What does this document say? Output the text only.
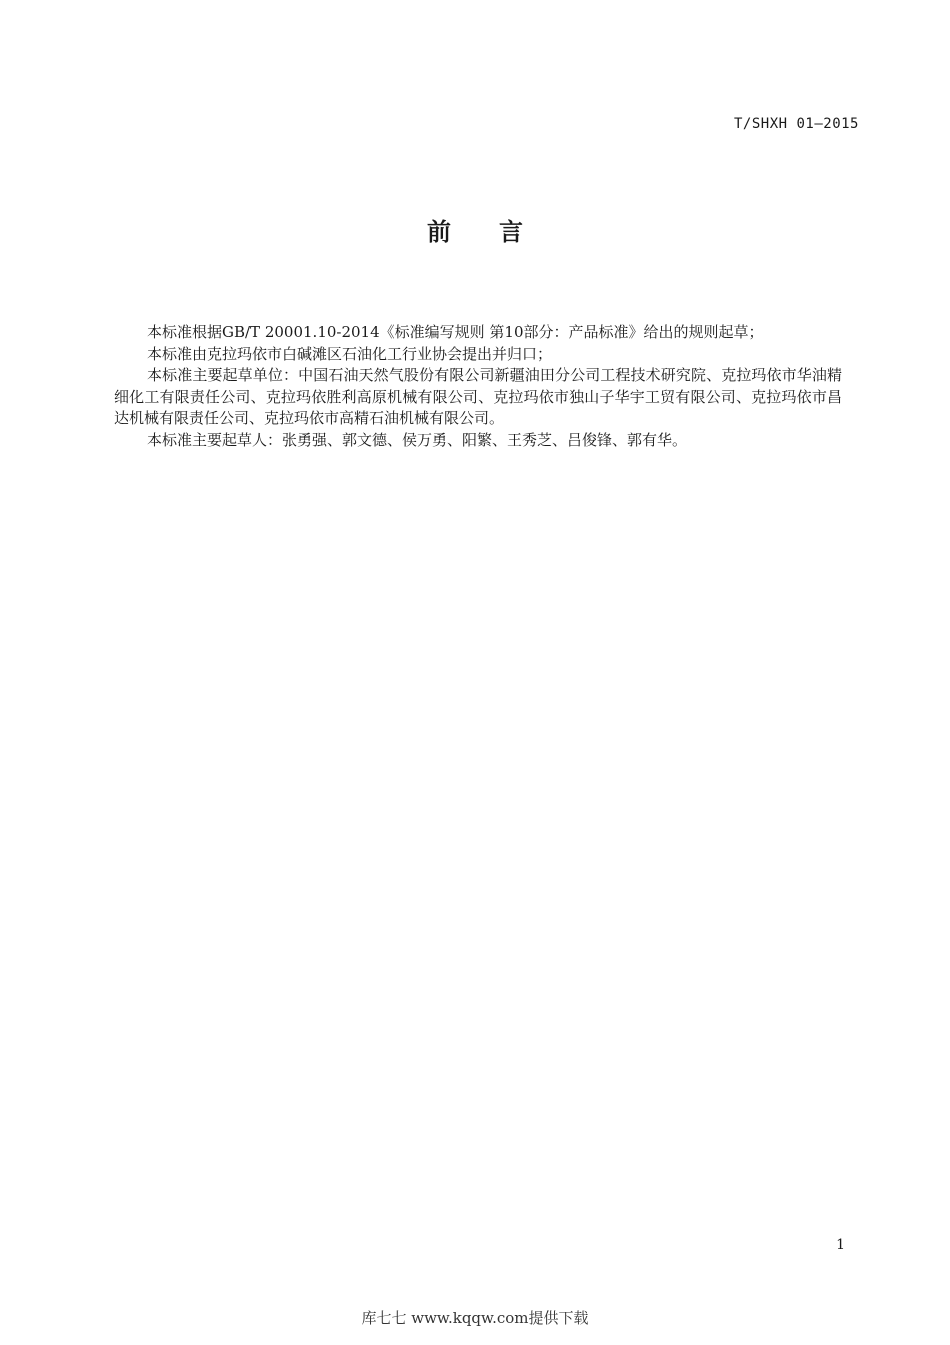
T/SHXH 01—2015
前言

本标准根据GB/T 20001.10-2014《标准编写规则 第10部分：产品标准》给出的规则起草；

本标准由克拉玛依市白碱滩区石油化工行业协会提出并归口；

本标准主要起草单位：中国石油天然气股份有限公司新疆油田分公司工程技术研究院、克拉玛依市华油精细化工有限责任公司、克拉玛依胜利高原机械有限公司、克拉玛依市独山子华宇工贸有限公司、克拉玛依市昌达机械有限责任公司、克拉玛依市高精石油机械有限公司。

本标准主要起草人：张勇强、郭文德、侯万勇、阳繁、王秀芝、吕俊锋、郭有华。

1
库七七 www.kqqw.com提供下载
